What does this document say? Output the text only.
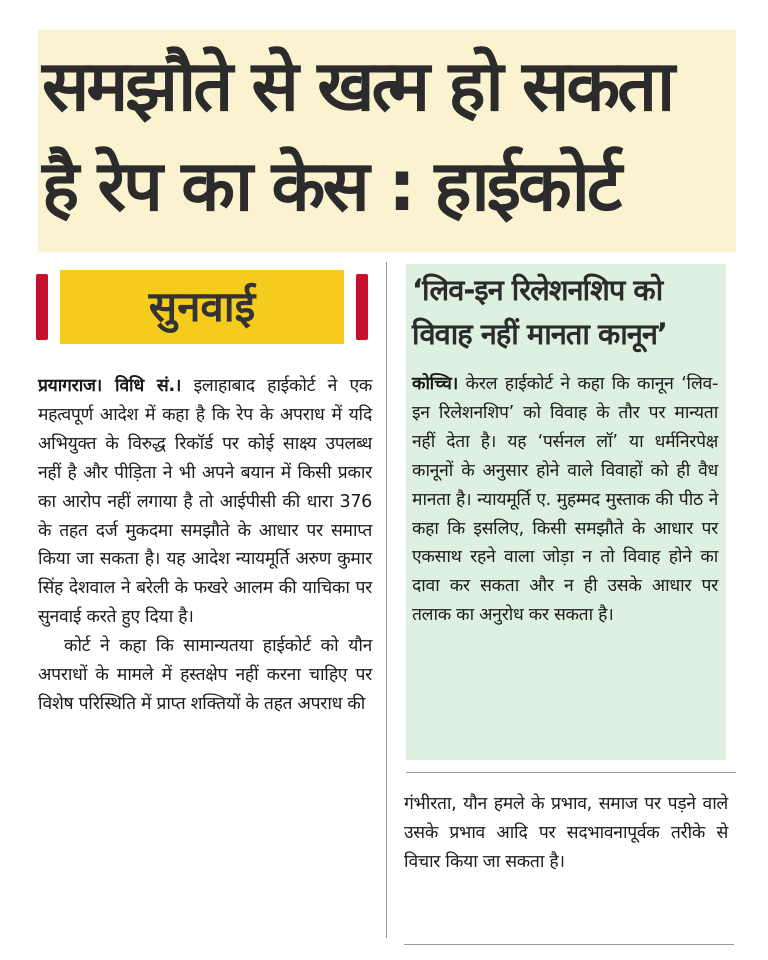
समझौते से खत्म हो सकता
है रेप का केस : हाईकोर्ट
सुनवाई

प्रयागराज। विधि सं.। इलाहाबाद हाईकोर्ट ने एक महत्वपूर्ण आदेश में कहा है कि रेप के अपराध में यदि अभियुक्त के विरुद्ध रिकॉर्ड पर कोई साक्ष्य उपलब्ध नहीं है और पीड़िता ने भी अपने बयान में किसी प्रकार का आरोप नहीं लगाया है तो आईपीसी की धारा 376 के तहत दर्ज मुकदमा समझौते के आधार पर समाप्त किया जा सकता है। यह आदेश न्यायमूर्ति अरुण कुमार सिंह देशवाल ने बरेली के फखरे आलम की याचिका पर सुनवाई करते हुए दिया है।

कोर्ट ने कहा कि सामान्यतया हाईकोर्ट को यौन अपराधों के मामले में हस्तक्षेप नहीं करना चाहिए पर विशेष परिस्थिति में प्राप्त शक्तियों के तहत अपराध की

‘लिव-इन रिलेशनशिप को
विवाह नहीं मानता कानून’

कोच्चि। केरल हाईकोर्ट ने कहा कि कानून ‘लिव-इन रिलेशनशिप’ को विवाह के तौर पर मान्यता नहीं देता है। यह ‘पर्सनल लॉ’ या धर्मनिरपेक्ष कानूनों के अनुसार होने वाले विवाहों को ही वैध मानता है। न्यायमूर्ति ए. मुहम्मद मुस्ताक की पीठ ने कहा कि इसलिए, किसी समझौते के आधार पर एकसाथ रहने वाला जोड़ा न तो विवाह होने का दावा कर सकता और न ही उसके आधार पर तलाक का अनुरोध कर सकता है।

गंभीरता, यौन हमले के प्रभाव, समाज पर पड़ने वाले उसके प्रभाव आदि पर सदभावनापूर्वक तरीके से विचार किया जा सकता है।
